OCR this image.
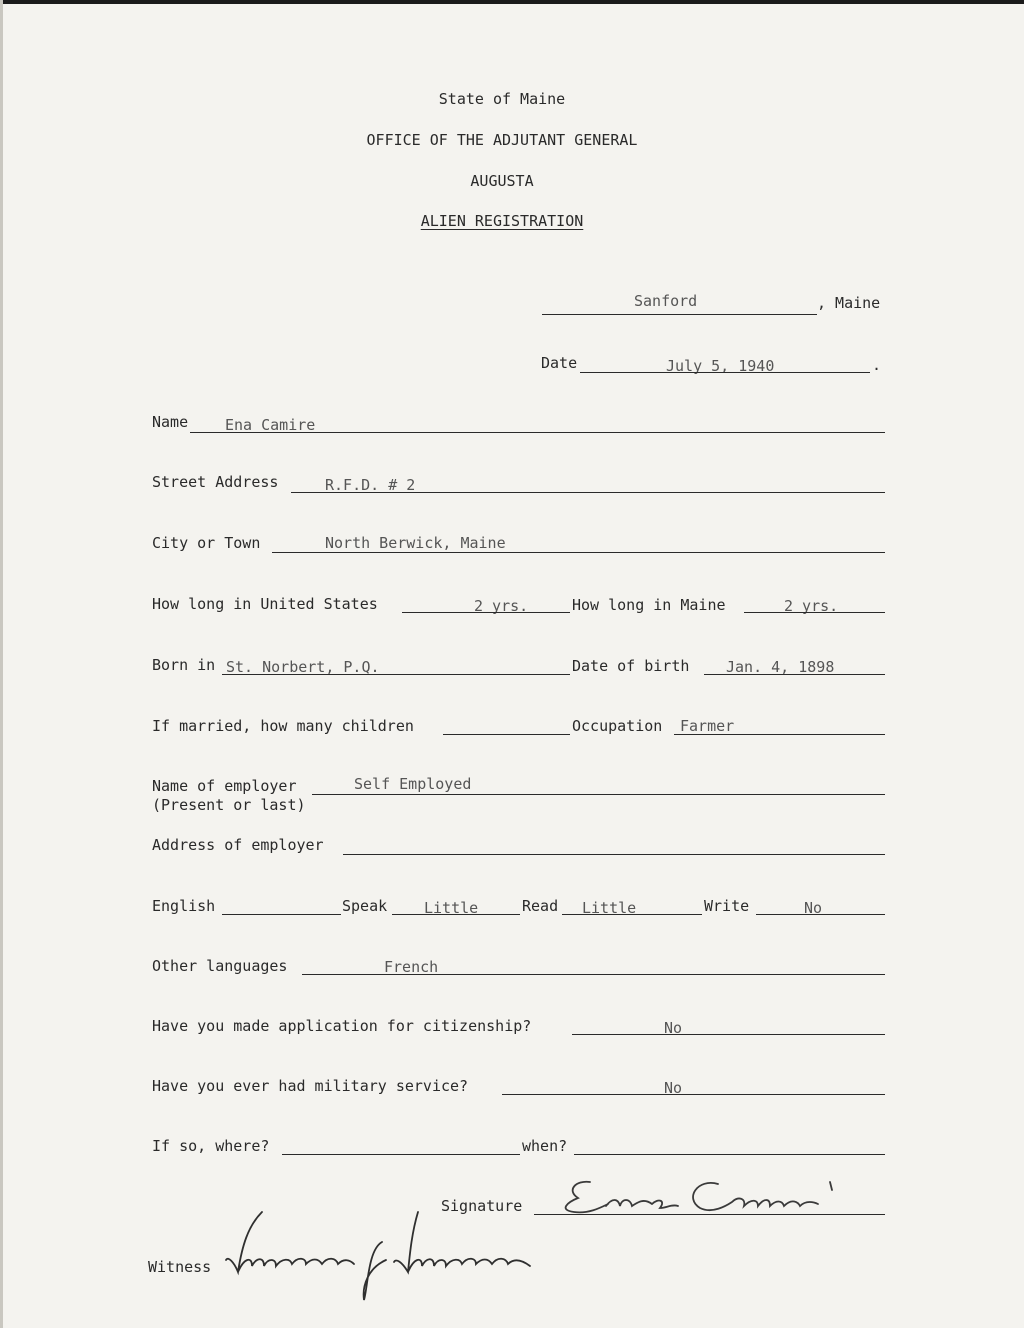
State of Maine
OFFICE OF THE ADJUTANT GENERAL
AUGUSTA
ALIEN REGISTRATION
Sanford	, Maine
Date	July 5, 1940	.
Name Ena Camire
Street Address	R.F.D. # 2
City or Town	North Berwick, Maine
How long in United States	2 yrs.	How long in Maine	2 yrs.
Born in St. Norbert, P.Q.	Date of birth Jan. 4, 1898
If married, how many children	Occupation Farmer
Name of employer	Self Employed
(Present or last)
Address of employer
English	Speak Little	Read Little	Write	No
Other languages	French
Have you made application for citizenship?	No
Have you ever had military service?	No
If so, where?	when?
Signature
Witness
